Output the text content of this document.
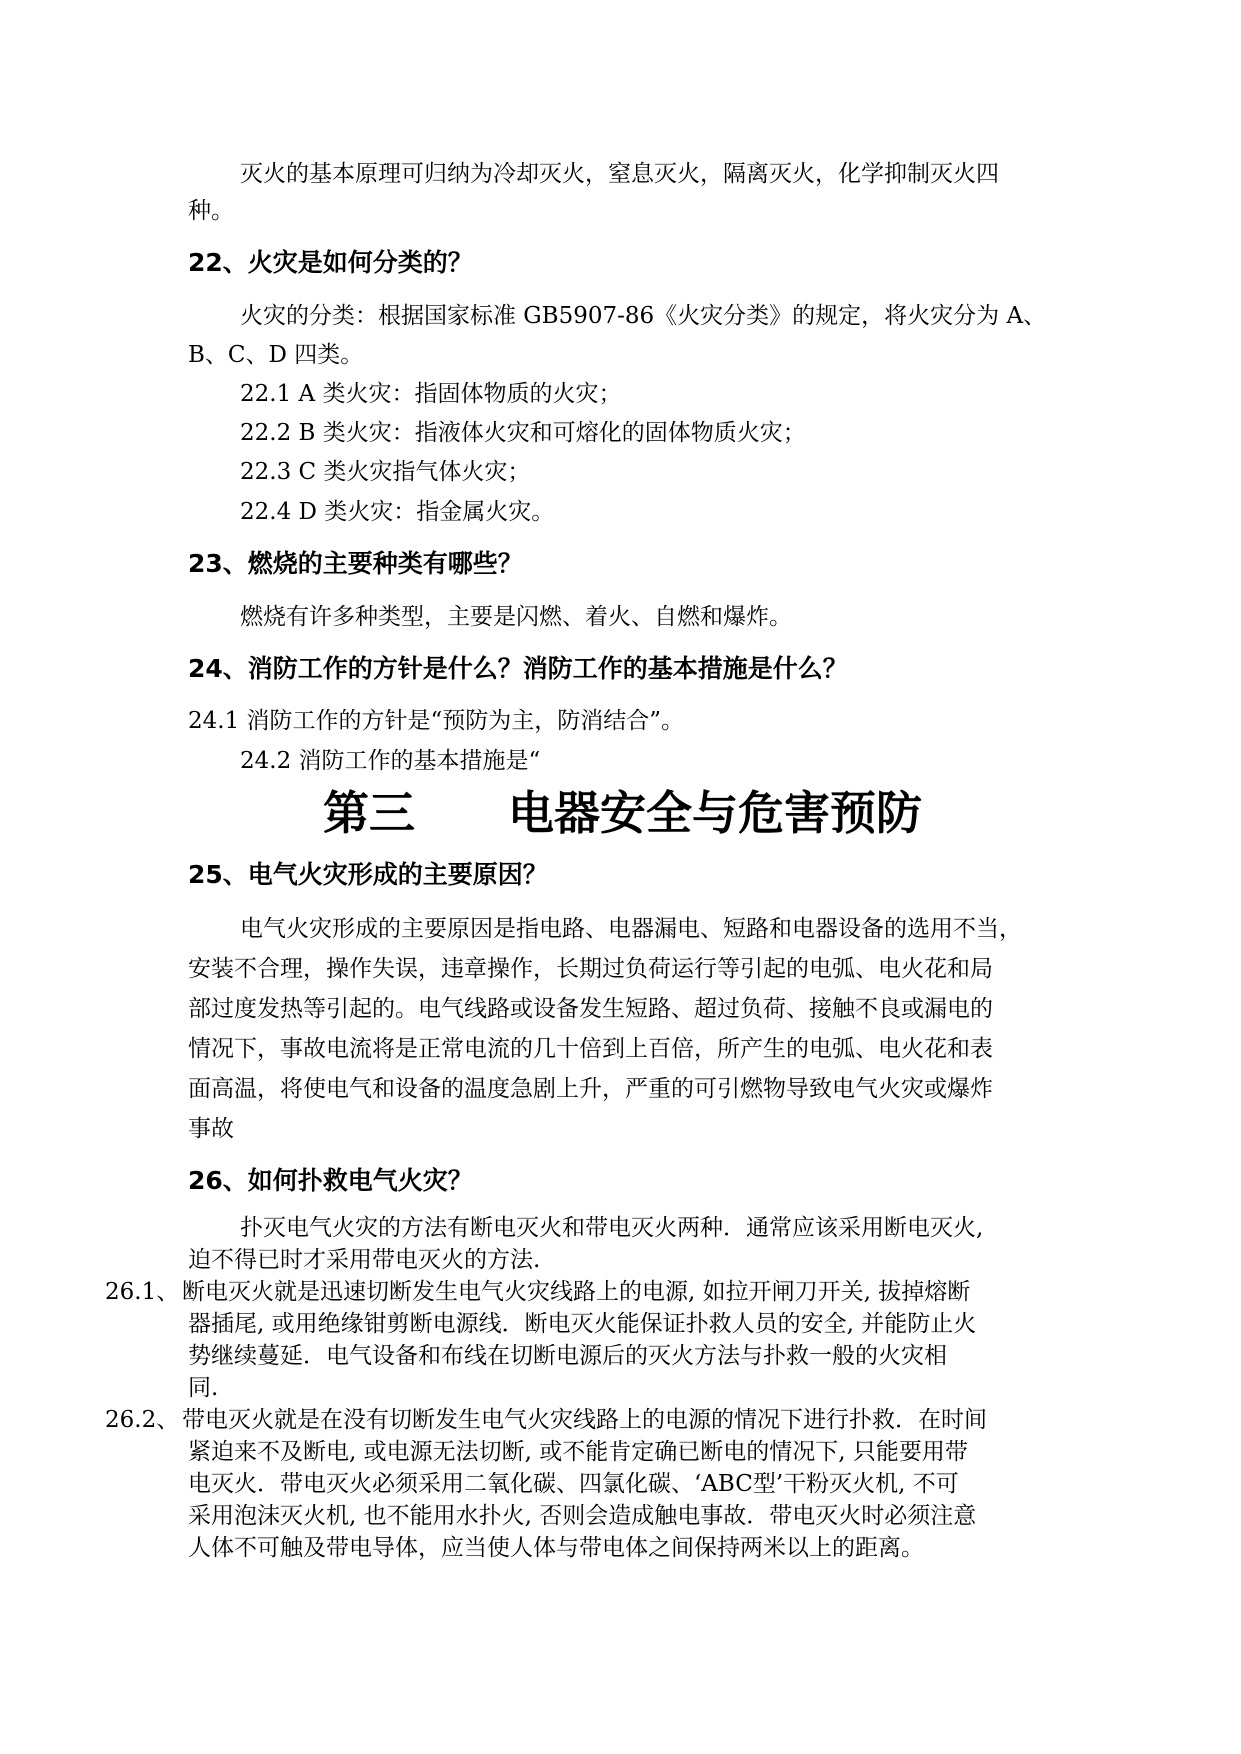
灭火的基本原理可归纳为冷却灭火，窒息灭火，隔离灭火，化学抑制灭火四

种。

22、火灾是如何分类的？

火灾的分类：根据国家标准 GB5907-86《火灾分类》的规定，将火灾分为 A、

B、C、D 四类。

22.1 A 类火灾：指固体物质的火灾；

22.2 B 类火灾：指液体火灾和可熔化的固体物质火灾；

22.3 C 类火灾指气体火灾；

22.4 D 类火灾：指金属火灾。

23、燃烧的主要种类有哪些？

燃烧有许多种类型，主要是闪燃、着火、自燃和爆炸。

24、消防工作的方针是什么？消防工作的基本措施是什么？

24.1 消防工作的方针是“预防为主，防消结合”。

24.2 消防工作的基本措施是“

第三 电器安全与危害预防
25、电气火灾形成的主要原因？

电气火灾形成的主要原因是指电路、电器漏电、短路和电器设备的选用不当，

安装不合理，操作失误，违章操作，长期过负荷运行等引起的电弧、电火花和局

部过度发热等引起的。电气线路或设备发生短路、超过负荷、接触不良或漏电的

情况下，事故电流将是正常电流的几十倍到上百倍，所产生的电弧、电火花和表

面高温，将使电气和设备的温度急剧上升，严重的可引燃物导致电气火灾或爆炸

事故

26、如何扑救电气火灾？

扑灭电气火灾的方法有断电灭火和带电灭火两种．通常应该采用断电灭火,

迫不得已时才采用带电灭火的方法.

26.1、 断电灭火就是迅速切断发生电气火灾线路上的电源, 如拉开闸刀开关, 拔掉熔断

器插尾, 或用绝缘钳剪断电源线．断电灭火能保证扑救人员的安全, 并能防止火

势继续蔓延．电气设备和布线在切断电源后的灭火方法与扑救一般的火灾相

同.

26.2、 带电灭火就是在没有切断发生电气火灾线路上的电源的情况下进行扑救．在时间

紧迫来不及断电, 或电源无法切断, 或不能肯定确已断电的情况下, 只能要用带

电灭火．带电灭火必须采用二氧化碳、四氯化碳、‘ABC型’干粉灭火机, 不可

采用泡沫灭火机, 也不能用水扑火, 否则会造成触电事故．带电灭火时必须注意

人体不可触及带电导体，应当使人体与带电体之间保持两米以上的距离。
